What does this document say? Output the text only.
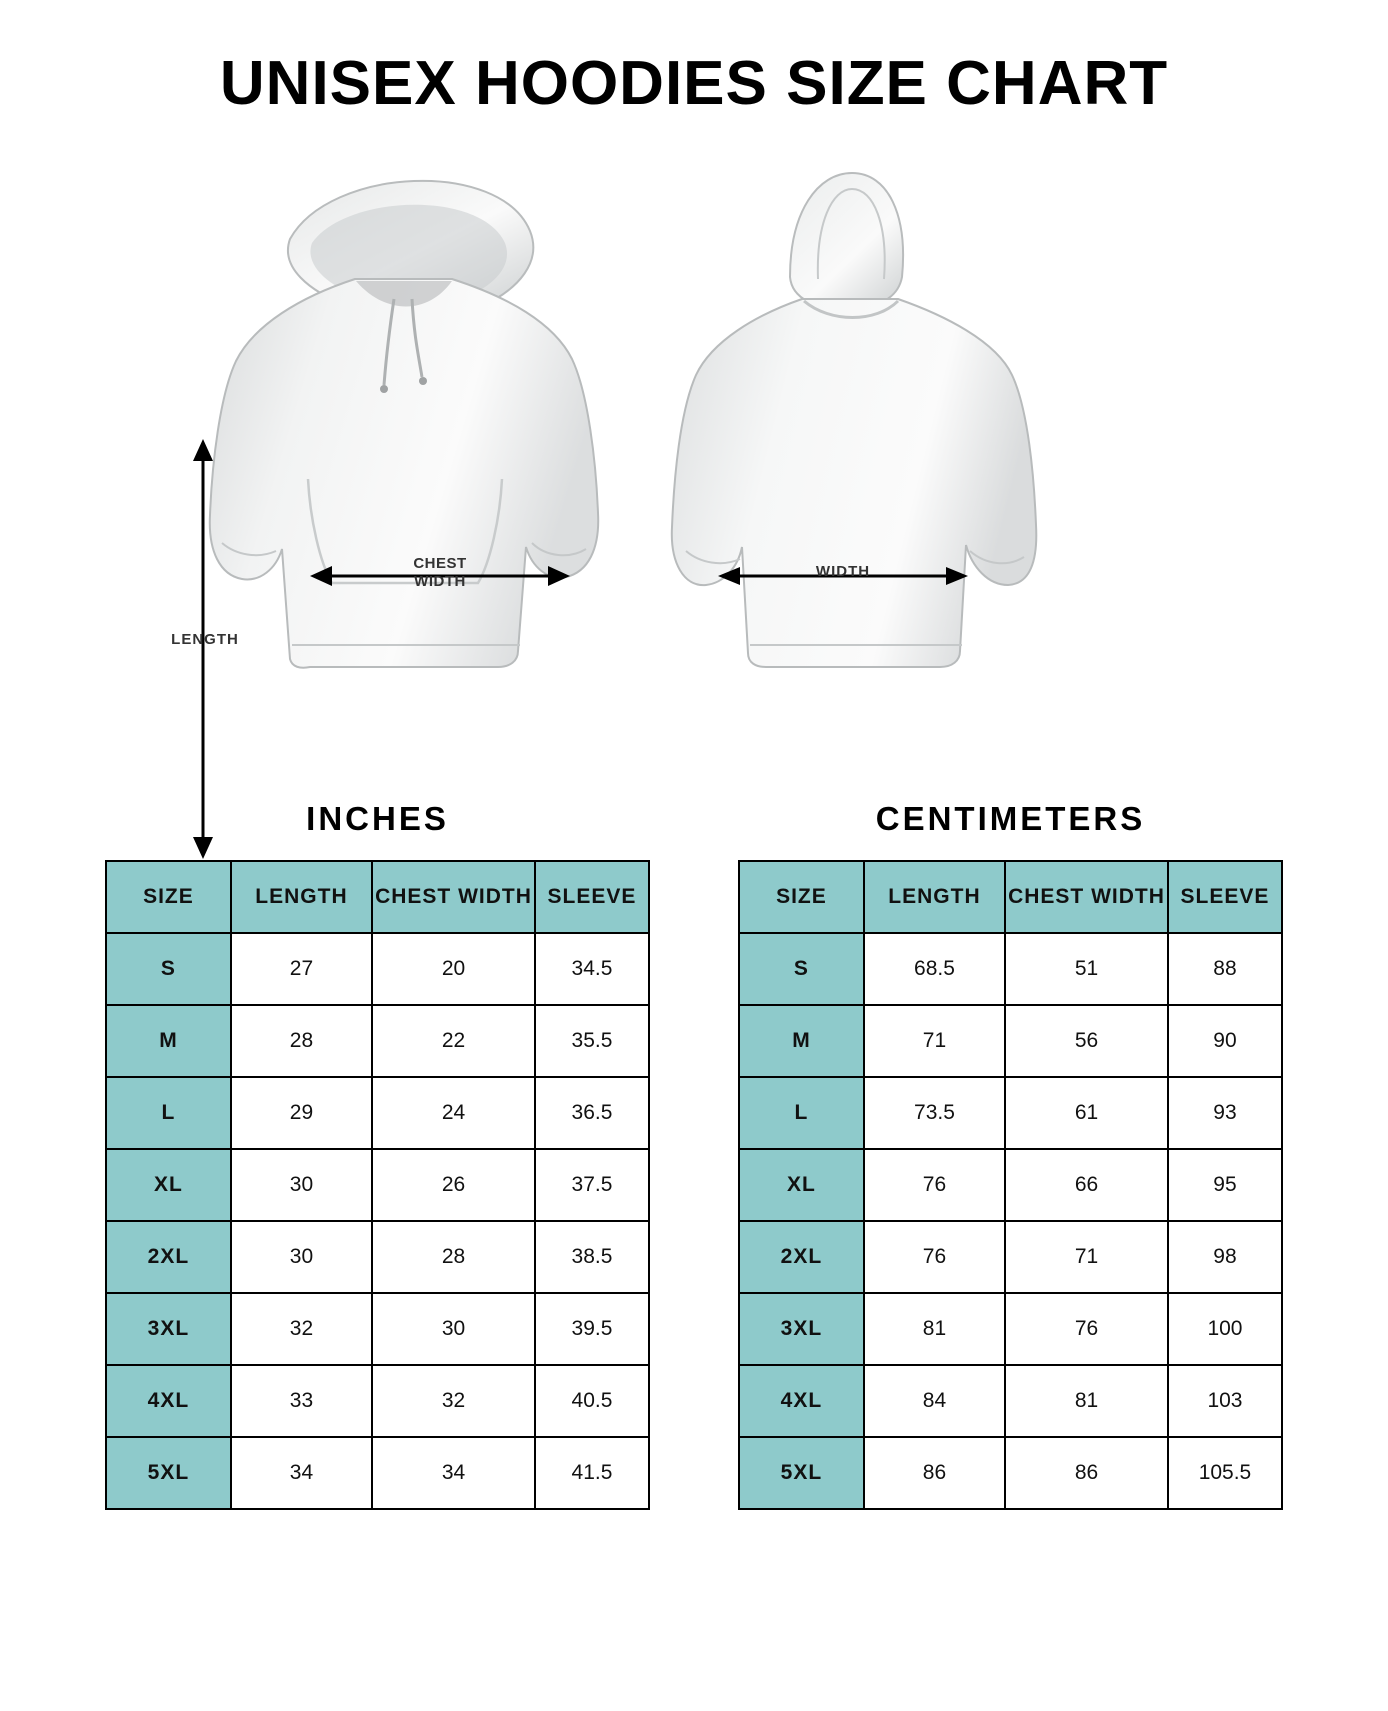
UNISEX HOODIES SIZE CHART
LENGTH
CHEST
WIDTH
WIDTH
INCHES
SIZE	LENGTH	CHEST WIDTH	SLEEVE
S	27	20	34.5
M	28	22	35.5
L	29	24	36.5
XL	30	26	37.5
2XL	30	28	38.5
3XL	32	30	39.5
4XL	33	32	40.5
5XL	34	34	41.5
CENTIMETERS
SIZE	LENGTH	CHEST WIDTH	SLEEVE
S	68.5	51	88
M	71	56	90
L	73.5	61	93
XL	76	66	95
2XL	76	71	98
3XL	81	76	100
4XL	84	81	103
5XL	86	86	105.5
